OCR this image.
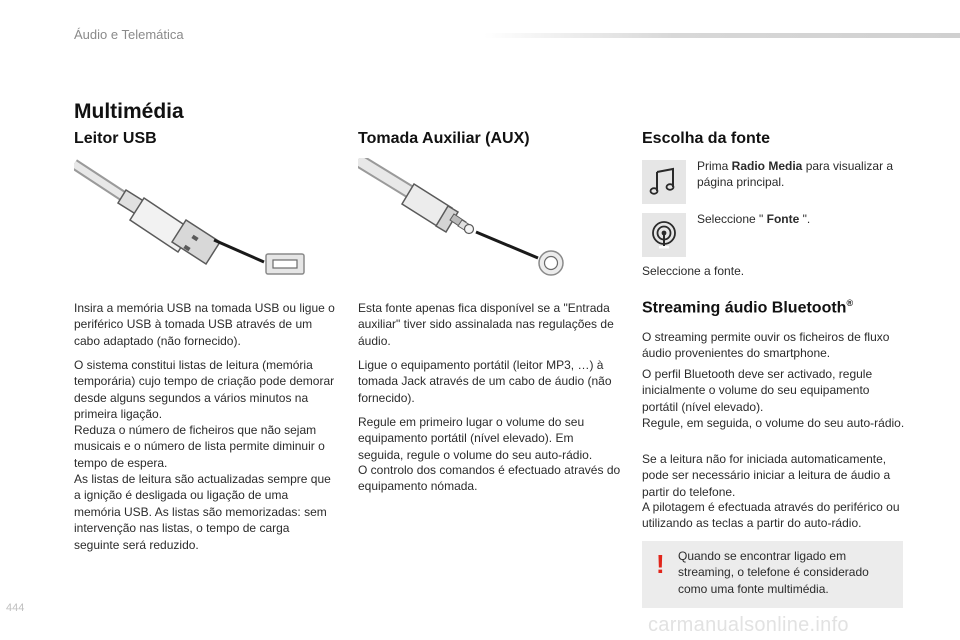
Áudio e Telemática
Multimédia
Leitor USB

Insira a memória USB na tomada USB ou ligue o periférico USB à tomada USB através de um cabo adaptado (não fornecido).

O sistema constitui listas de leitura (memória temporária) cujo tempo de criação pode demorar desde alguns segundos a vários minutos na primeira ligação.

Reduza o número de ficheiros que não sejam musicais e o número de lista permite diminuir o tempo de espera.

As listas de leitura são actualizadas sempre que a ignição é desligada ou ligação de uma memória USB. As listas são memorizadas: sem intervenção nas listas, o tempo de carga seguinte será reduzido.

Tomada Auxiliar (AUX)

Esta fonte apenas fica disponível se a "Entrada auxiliar" tiver sido assinalada nas regulações de áudio.

Ligue o equipamento portátil (leitor MP3, …) à tomada Jack através de um cabo de áudio (não fornecido).

Regule em primeiro lugar o volume do seu equipamento portátil (nível elevado). Em seguida, regule o volume do seu auto-rádio.

O controlo dos comandos é efectuado através do equipamento nómada.

Escolha da fonte

Prima Radio Media para visualizar a página principal.

Seleccione " Fonte ".

Seleccione a fonte.

Streaming áudio Bluetooth®

O streaming permite ouvir os ficheiros de fluxo áudio provenientes do smartphone.

O perfil Bluetooth deve ser activado, regule inicialmente o volume do seu equipamento portátil (nível elevado).

Regule, em seguida, o volume do seu auto-rádio.

Se a leitura não for iniciada automaticamente, pode ser necessário iniciar a leitura de áudio a partir do telefone.

A pilotagem é efectuada através do periférico ou utilizando as teclas a partir do auto-rádio.

! Quando se encontrar ligado em streaming, o telefone é considerado como uma fonte multimédia.
444
carmanualsonline.info
